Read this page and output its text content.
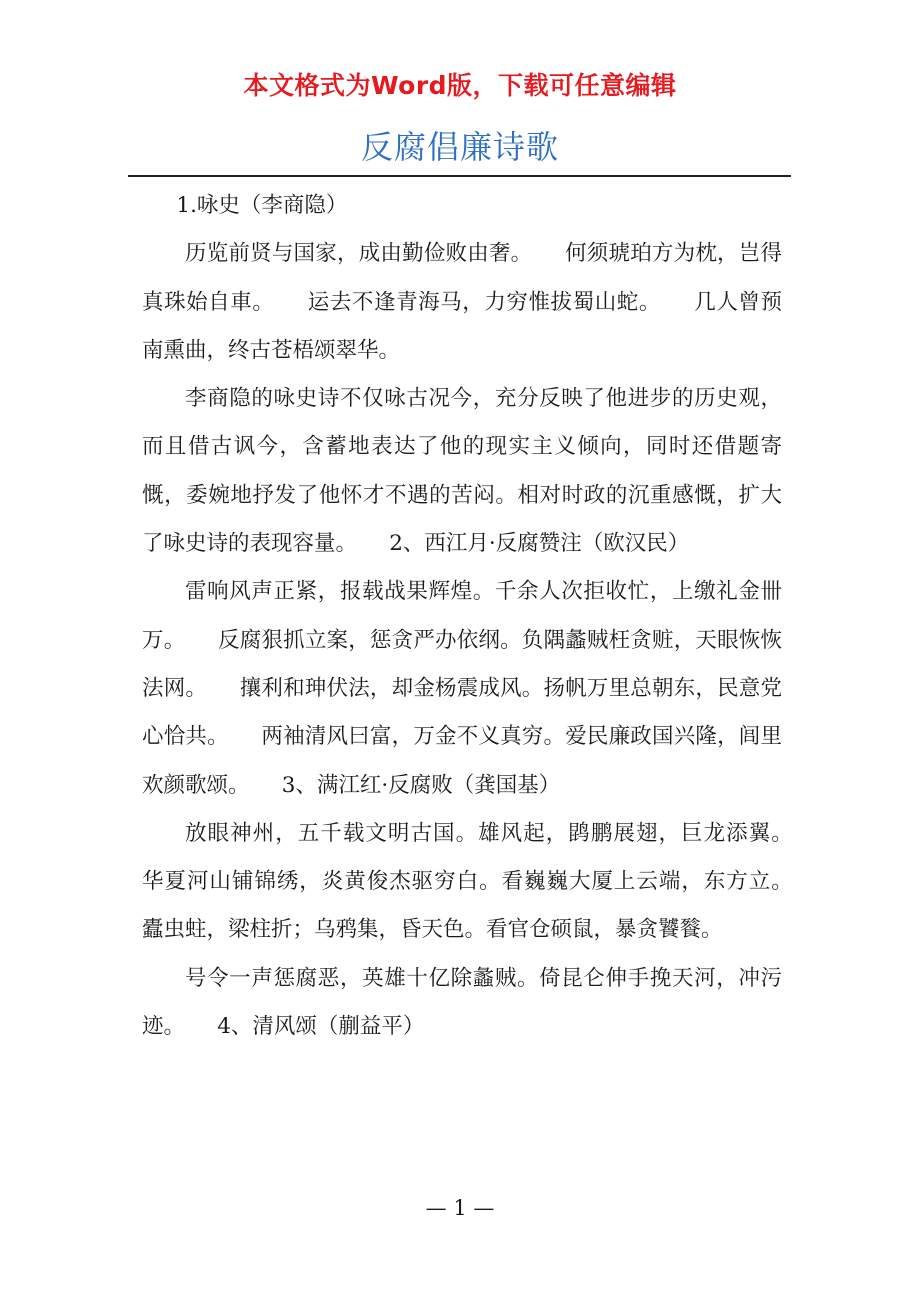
本文格式为Word版，下载可任意编辑
反腐倡廉诗歌

1.咏史（李商隐）

历览前贤与国家，成由勤俭败由奢。　　何须琥珀方为枕，岂得真珠始自車。　　运去不逢青海马，力穷惟拔蜀山蛇。　　几人曾预南熏曲，终古苍梧颂翠华。

李商隐的咏史诗不仅咏古况今，充分反映了他进步的历史观，而且借古讽今，含蓄地表达了他的现实主义倾向，同时还借题寄慨，委婉地抒发了他怀才不遇的苦闷。相对时政的沉重感慨，扩大了咏史诗的表现容量。　　2、西江月·反腐赞注（欧汉民）

雷响风声正紧，报载战果辉煌。千余人次拒收忙，上缴礼金卌万。　　反腐狠抓立案，惩贪严办依纲。负隅蠡贼枉贪赃，天眼恢恢法网。　　攘利和珅伏法，却金杨震成风。扬帆万里总朝东，民意党心恰共。　　两袖清风曰富，万金不义真穷。爱民廉政国兴隆，闾里欢颜歌颂。　　3、满江红·反腐败（龚国基）

放眼神州，五千载文明古国。雄风起，鹍鹏展翅，巨龙添翼。　　华夏河山铺锦绣，炎黄俊杰驱穷白。看巍巍大厦上云端，东方立。　　蠹虫蛀，梁柱折；乌鸦集，昏天色。看官仓硕鼠，暴贪饕餮。

号令一声惩腐恶，英雄十亿除蠡贼。倚昆仑伸手挽天河，冲污迹。　　4、清风颂（蒯益平）

— 1 —
